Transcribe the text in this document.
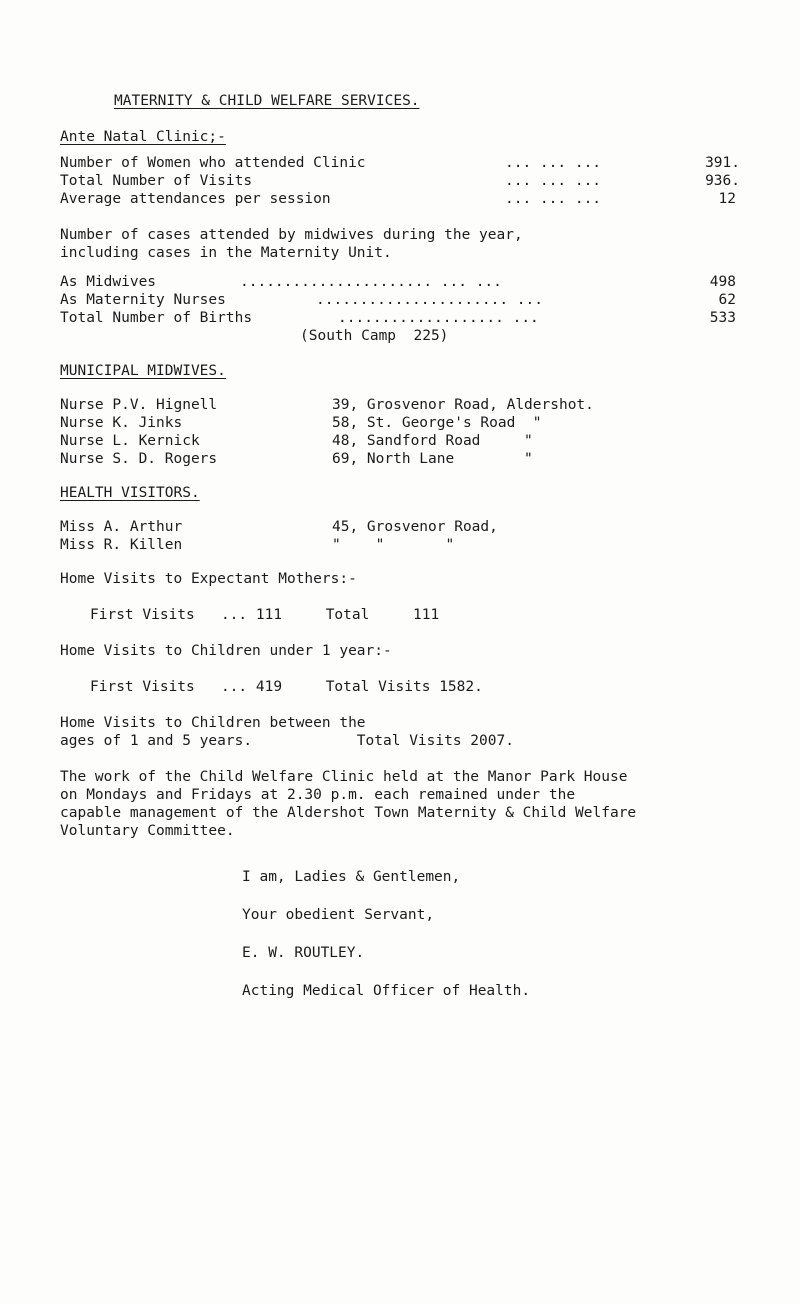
MATERNITY & CHILD WELFARE SERVICES.
Ante Natal Clinic;-
Number of Women who attended Clinic	... ... ...	391.
Total Number of Visits	... ... ...	936.
Average attendances per session	... ... ...	12
Number of cases attended by midwives during the year,
including cases in the Maternity Unit.
As Midwives	...................... ... ...	498
As Maternity Nurses	...................... ...	62
Total Number of Births	................... ...	533
(South Camp  225)
MUNICIPAL MIDWIVES.
Nurse P.V. Hignell	39, Grosvenor Road, Aldershot.
Nurse K. Jinks	58, St. George's Road  "
Nurse L. Kernick	48, Sandford Road     "
Nurse S. D. Rogers	69, North Lane        "
HEALTH VISITORS.
Miss A. Arthur	45, Grosvenor Road,
Miss R. Killen	"    "       "
Home Visits to Expectant Mothers:-
First Visits   ... 111     Total     111
Home Visits to Children under 1 year:-
First Visits   ... 419     Total Visits 1582.
Home Visits to Children between the
ages of 1 and 5 years.            Total Visits 2007.
The work of the Child Welfare Clinic held at the Manor Park House
on Mondays and Fridays at 2.30 p.m. each remained under the
capable management of the Aldershot Town Maternity & Child Welfare
Voluntary Committee.
I am, Ladies & Gentlemen,
Your obedient Servant,
E. W. ROUTLEY.
Acting Medical Officer of Health.
